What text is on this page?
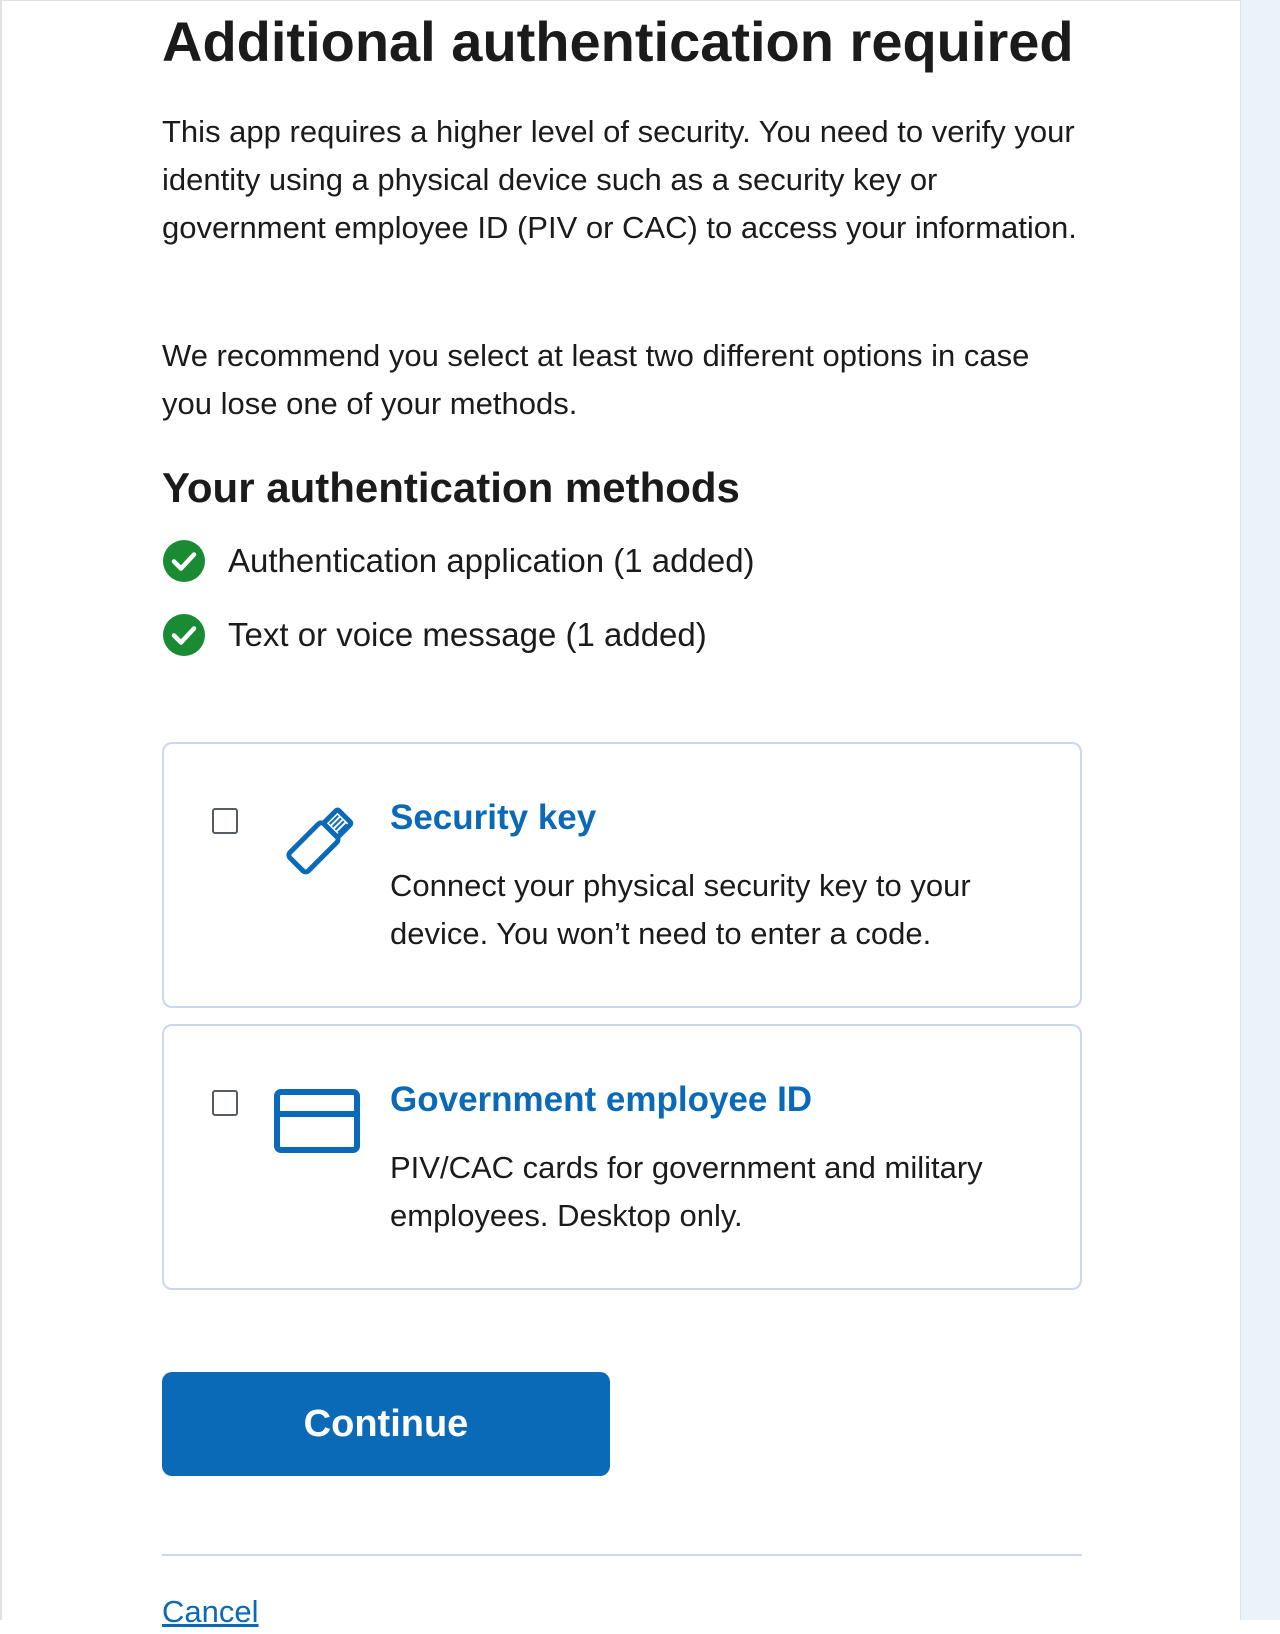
Additional authentication required

This app requires a higher level of security. You need to verify your identity using a physical device such as a security key or government employee ID (PIV or CAC) to access your information.

We recommend you select at least two different options in case you lose one of your methods.

Your authentication methods
Authentication application (1 added)
Text or voice message (1 added)
Security key

Connect your physical security key to your device. You won’t need to enter a code.

Government employee ID

PIV/CAC cards for government and military employees. Desktop only.

Continue
Cancel
